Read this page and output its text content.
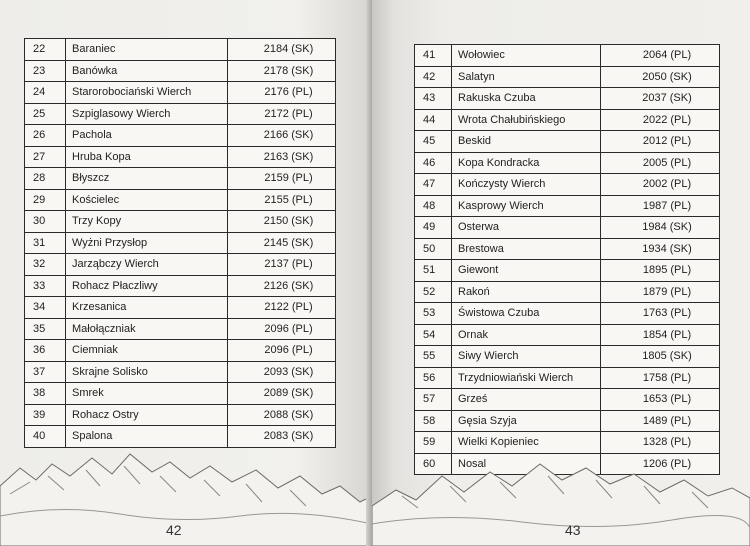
22	Baraniec	2184 (SK)
23	Banówka	2178 (SK)
24	Starorobociański Wierch	2176 (PL)
25	Szpiglasowy Wierch	2172 (PL)
26	Pachola	2166 (SK)
27	Hruba Kopa	2163 (SK)
28	Błyszcz	2159 (PL)
29	Kościelec	2155 (PL)
30	Trzy Kopy	2150 (SK)
31	Wyżni Przysłop	2145 (SK)
32	Jarząbczy Wierch	2137 (PL)
33	Rohacz Płaczliwy	2126 (SK)
34	Krzesanica	2122 (PL)
35	Małołączniak	2096 (PL)
36	Ciemniak	2096 (PL)
37	Skrajne Solisko	2093 (SK)
38	Smrek	2089 (SK)
39	Rohacz Ostry	2088 (SK)
40	Spalona	2083 (SK)
42
41	Wołowiec	2064 (PL)
42	Salatyn	2050 (SK)
43	Rakuska Czuba	2037 (SK)
44	Wrota Chałubińskiego	2022 (PL)
45	Beskid	2012 (PL)
46	Kopa Kondracka	2005 (PL)
47	Kończysty Wierch	2002 (PL)
48	Kasprowy Wierch	1987 (PL)
49	Osterwa	1984 (SK)
50	Brestowa	1934 (SK)
51	Giewont	1895 (PL)
52	Rakoń	1879 (PL)
53	Świstowa Czuba	1763 (PL)
54	Ornak	1854 (PL)
55	Siwy Wierch	1805 (SK)
56	Trzydniowiański Wierch	1758 (PL)
57	Grześ	1653 (PL)
58	Gęsia Szyja	1489 (PL)
59	Wielki Kopieniec	1328 (PL)
60	Nosal	1206 (PL)
43
